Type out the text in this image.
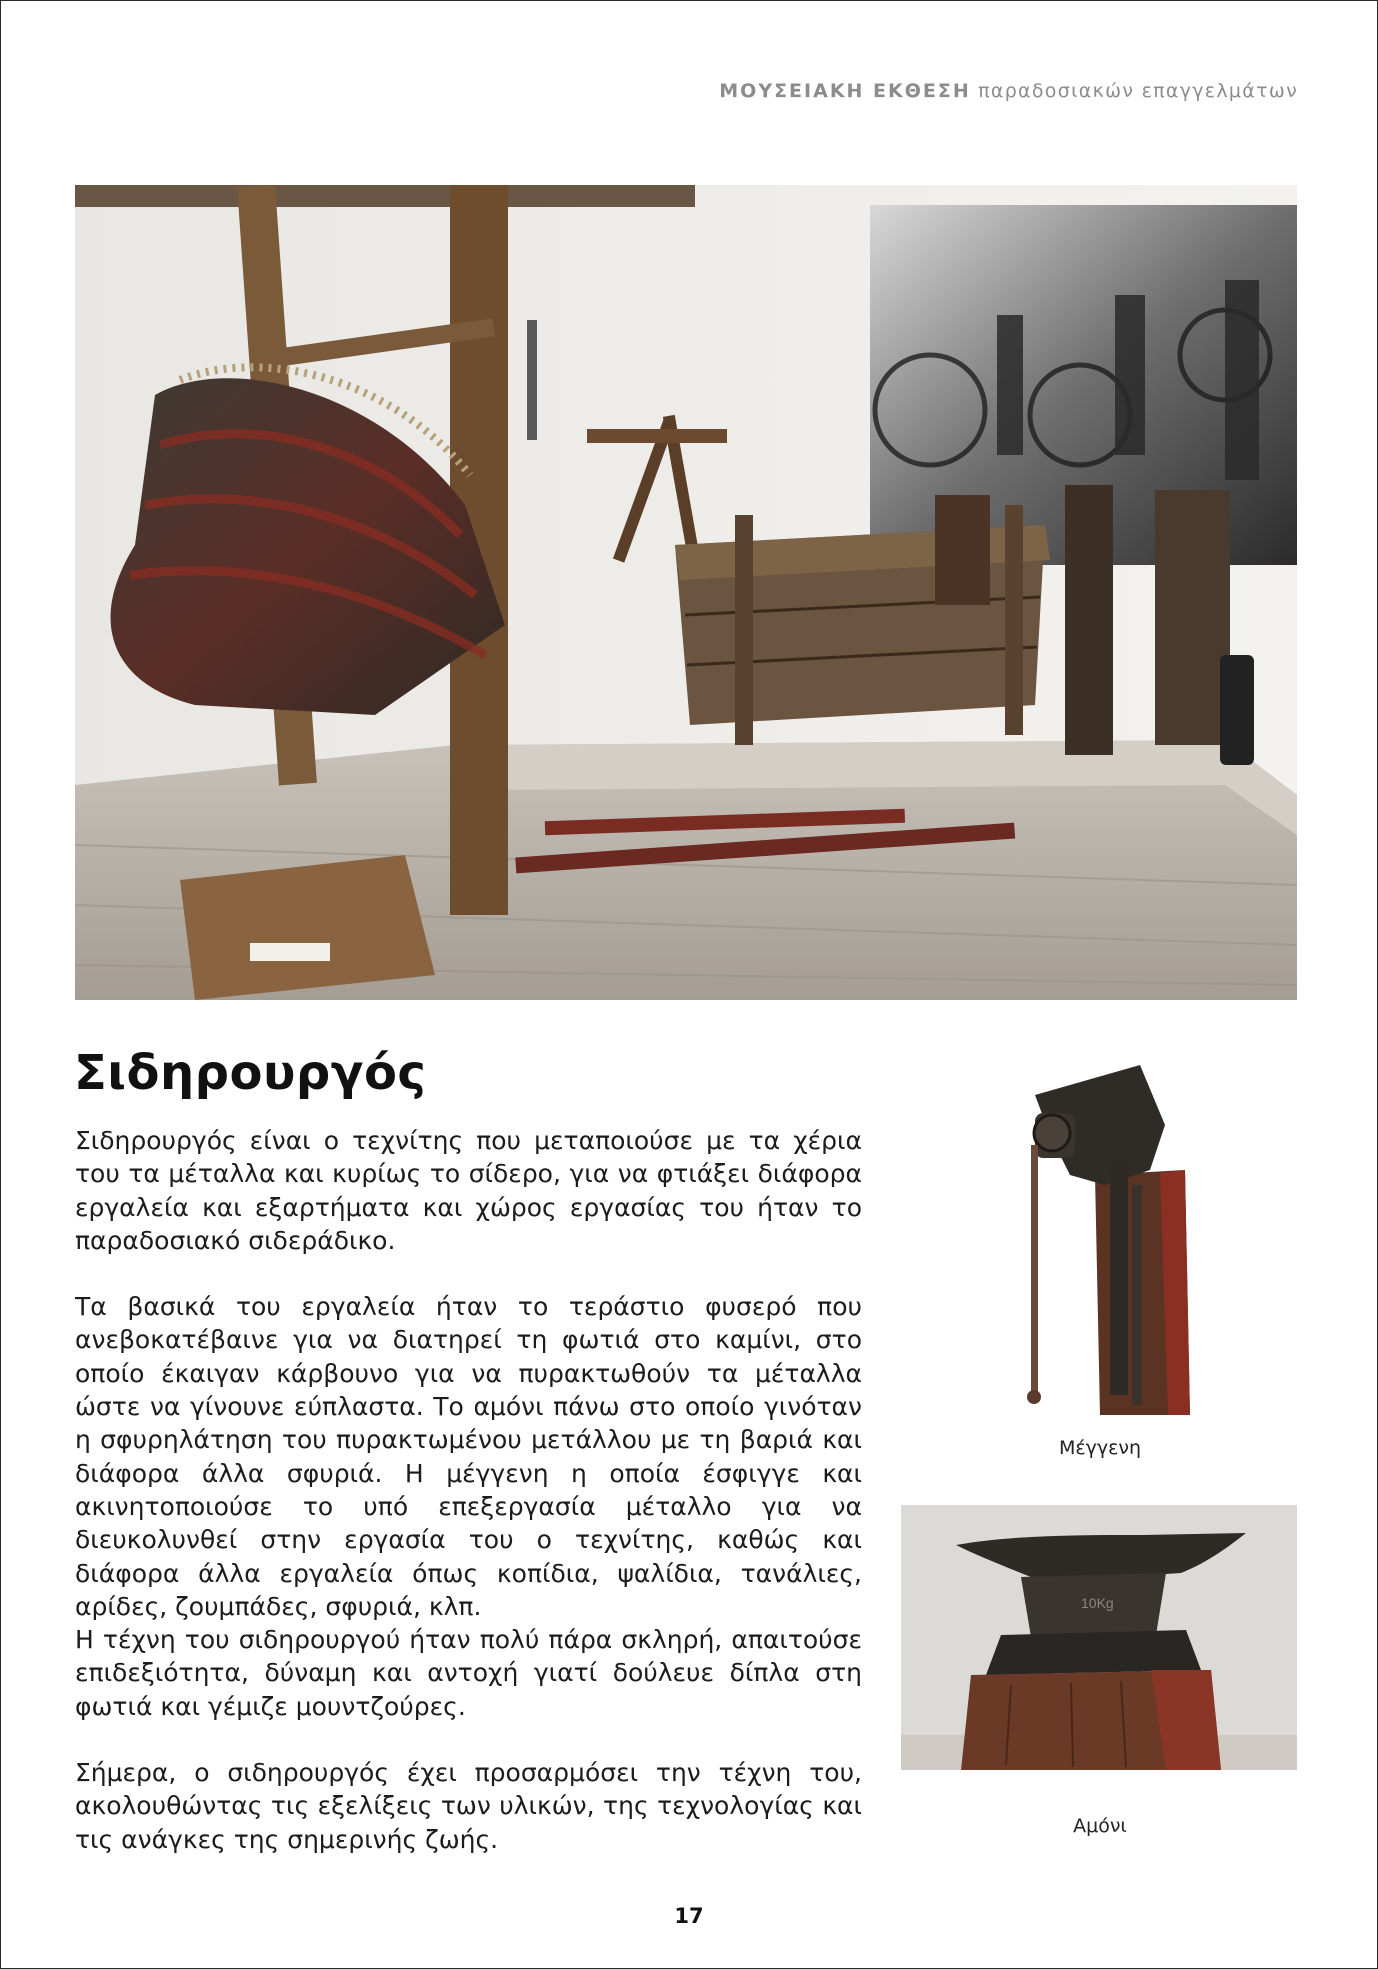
ΜΟΥΣΕΙΑΚΗ ΕΚΘΕΣΗ παραδοσιακών επαγγελμάτων
Σιδηρουργός

Σιδηρουργός είναι ο τεχνίτης που μεταποιούσε με τα χέρια του τα μέταλλα και κυρίως το σίδερο, για να φτιάξει διάφορα εργαλεία και εξαρτήματα και χώρος εργασίας του ήταν το παραδοσιακό σιδεράδικο.

Τα βασικά του εργαλεία ήταν το τεράστιο φυσερό που ανεβοκατέβαινε για να διατηρεί τη φωτιά στο καμίνι, στο οποίο έκαιγαν κάρβουνο για να πυρακτωθούν τα μέταλλα ώστε να γίνουνε εύπλαστα. Το αμόνι πάνω στο οποίο γινόταν η σφυρηλάτηση του πυρακτωμένου μετάλλου με τη βαριά και διάφορα άλλα σφυριά. Η μέγγενη η οποία έσφιγγε και ακινητοποιούσε το υπό επεξεργασία μέταλλο για να διευκολυνθεί στην εργασία του ο τεχνίτης, καθώς και διάφορα άλλα εργαλεία όπως κοπίδια, ψαλίδια, τανάλιες, αρίδες, ζουμπάδες, σφυριά, κλπ.

Η τέχνη του σιδηρουργού ήταν πολύ πάρα σκληρή, απαιτούσε επιδεξιότητα, δύναμη και αντοχή γιατί δούλευε δίπλα στη φωτιά και γέμιζε μουντζούρες.

Σήμερα, ο σιδηρουργός έχει προσαρμόσει την τέχνη του, ακολουθώντας τις εξελίξεις των υλικών, της τεχνολογίας και τις ανάγκες της σημερινής ζωής.

Μέγγενη
10Kg
Αμόνι
17
